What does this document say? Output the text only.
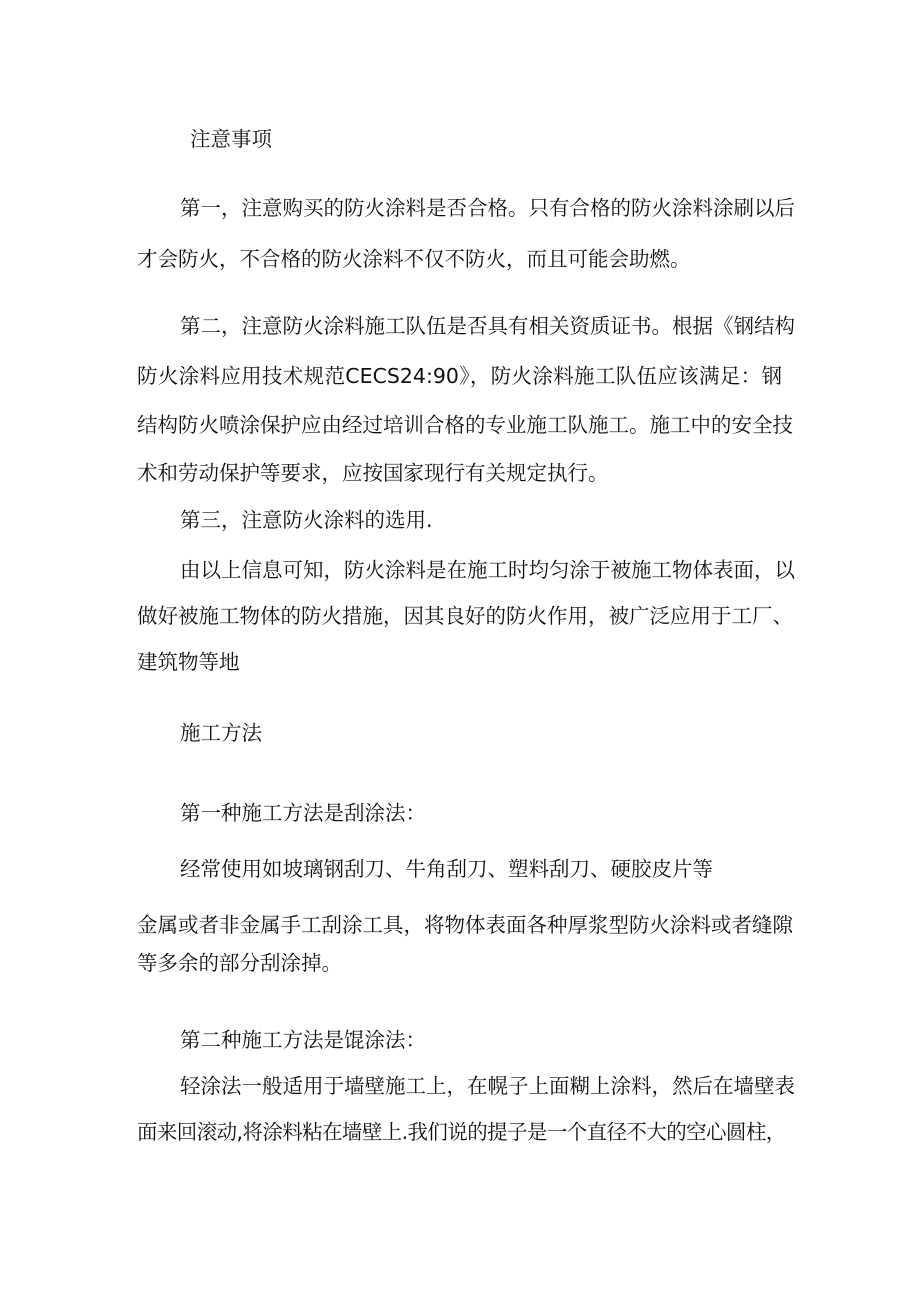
注意事项
第一，注意购买的防火涂料是否合格。只有合格的防火涂料涂刷以后
才会防火，不合格的防火涂料不仅不防火，而且可能会助燃。
第二，注意防火涂料施工队伍是否具有相关资质证书。根据《钢结构
防火涂料应用技术规范CECS24:90》，防火涂料施工队伍应该满足：钢
结构防火喷涂保护应由经过培训合格的专业施工队施工。施工中的安全技
术和劳动保护等要求，应按国家现行有关规定执行。
第三，注意防火涂料的选用.
由以上信息可知，防火涂料是在施工时均匀涂于被施工物体表面，以
做好被施工物体的防火措施，因其良好的防火作用，被广泛应用于工厂、
建筑物等地
施工方法
第一种施工方法是刮涂法：
经常使用如坡璃钢刮刀、牛角刮刀、塑料刮刀、硬胶皮片等
金属或者非金属手工刮涂工具，将物体表面各种厚浆型防火涂料或者缝隙
等多余的部分刮涂掉。
第二种施工方法是馄涂法：
轻涂法一般适用于墙壁施工上，在幌子上面糊上涂料，然后在墙壁表
面来回滚动,将涂料粘在墙壁上.我们说的提子是一个直径不大的空心圆柱，
